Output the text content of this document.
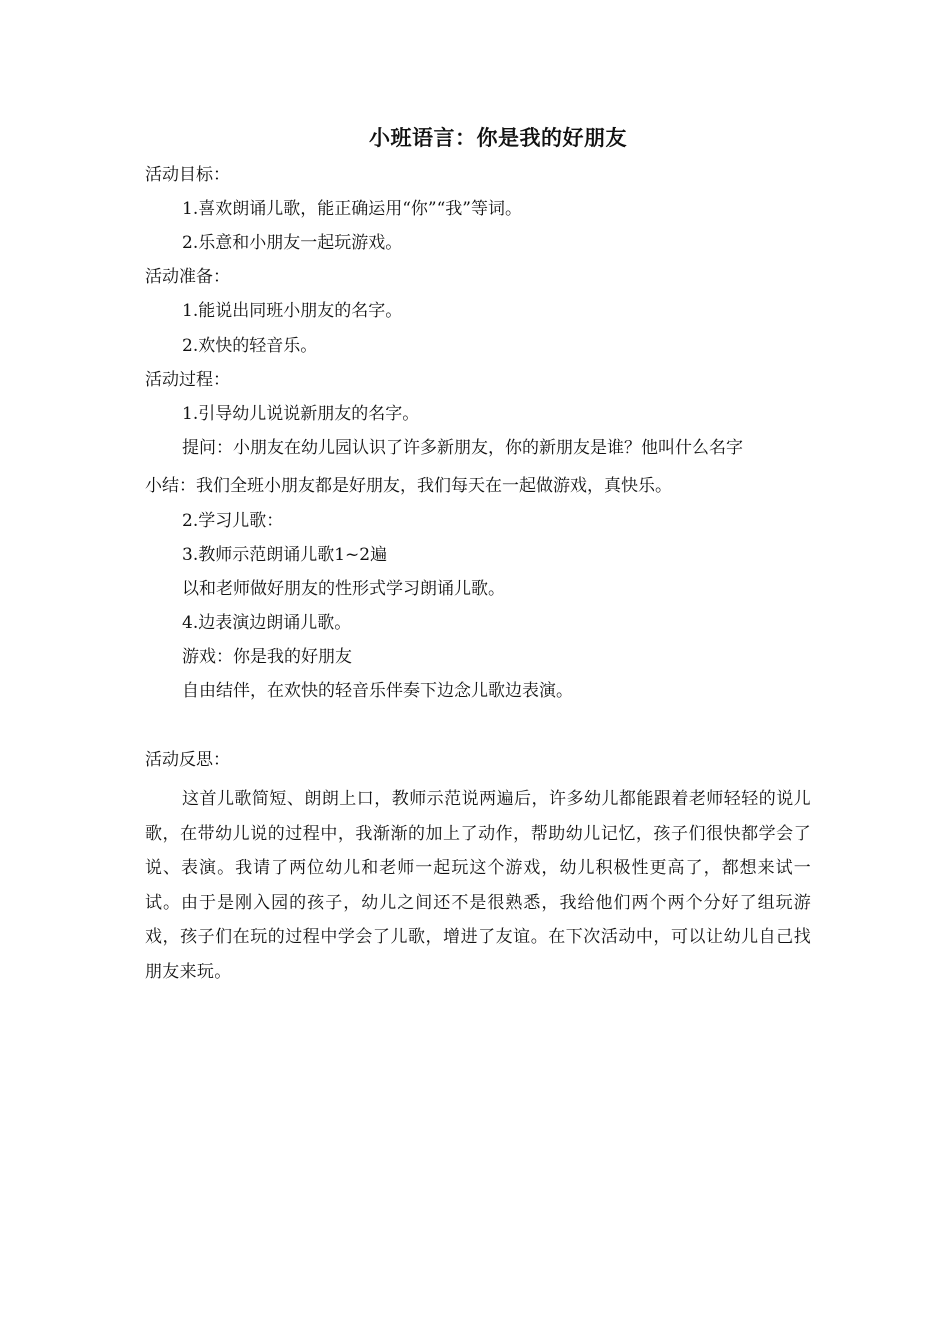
小班语言：你是我的好朋友
活动目标：
1.喜欢朗诵儿歌，能正确运用“你”“我”等词。
2.乐意和小朋友一起玩游戏。
活动准备：
1.能说出同班小朋友的名字。
2.欢快的轻音乐。
活动过程：
1.引导幼儿说说新朋友的名字。
提问：小朋友在幼儿园认识了许多新朋友，你的新朋友是谁？他叫什么名字
小结：我们全班小朋友都是好朋友，我们每天在一起做游戏，真快乐。
2.学习儿歌：
3.教师示范朗诵儿歌1~2遍
以和老师做好朋友的性形式学习朗诵儿歌。
4.边表演边朗诵儿歌。
游戏：你是我的好朋友
自由结伴，在欢快的轻音乐伴奏下边念儿歌边表演。
活动反思：
这首儿歌简短、朗朗上口，教师示范说两遍后，许多幼儿都能跟着老师轻轻的说儿歌，在带幼儿说的过程中，我渐渐的加上了动作，帮助幼儿记忆，孩子们很快都学会了说、表演。我请了两位幼儿和老师一起玩这个游戏，幼儿积极性更高了，都想来试一试。由于是刚入园的孩子，幼儿之间还不是很熟悉，我给他们两个两个分好了组玩游戏，孩子们在玩的过程中学会了儿歌，增进了友谊。在下次活动中，可以让幼儿自己找朋友来玩。
